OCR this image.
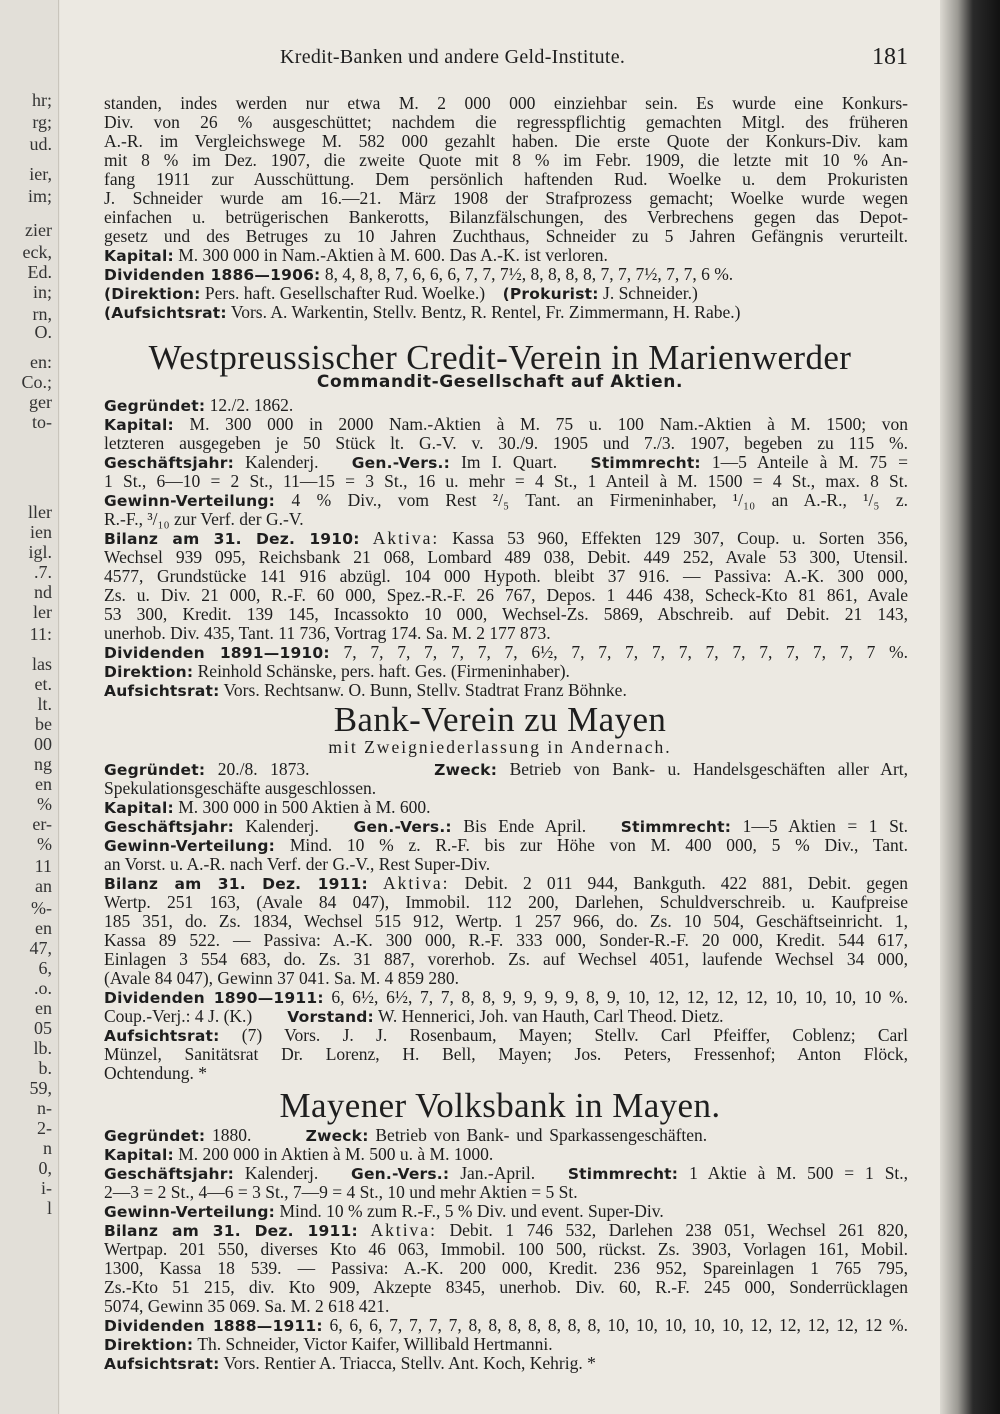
hr;
rg;
ud.
ier,
im;
zier
eck,
Ed.
in;
rn,
O.
en:
Co.;
ger
to-
ller
ien
igl.
.7.
nd
ler
11:
las
et.
lt.
be
00
ng
en
%
er-
%
11
an
%-
en
47,
6,
.o.
en
05
lb.
b.
59,
n-
2-
n
0,
i-
l
Kredit-Banken und andere Geld-Institute.	181
standen, indes werden nur etwa M. 2 000 000 einziehbar sein. Es wurde eine Konkurs-
Div. von 26 % ausgeschüttet; nachdem die regresspflichtig gemachten Mitgl. des früheren
A.-R. im Vergleichswege M. 582 000 gezahlt haben. Die erste Quote der Konkurs-Div. kam
mit 8 % im Dez. 1907, die zweite Quote mit 8 % im Febr. 1909, die letzte mit 10 % An-
fang 1911 zur Ausschüttung. Dem persönlich haftenden Rud. Woelke u. dem Prokuristen
J. Schneider wurde am 16.—21. März 1908 der Strafprozess gemacht; Woelke wurde wegen
einfachen u. betrügerischen Bankerotts, Bilanzfälschungen, des Verbrechens gegen das Depot-
gesetz und des Betruges zu 10 Jahren Zuchthaus, Schneider zu 5 Jahren Gefängnis verurteilt.
Kapital: M. 300 000 in Nam.-Aktien à M. 600. Das A.-K. ist verloren.
Dividenden 1886—1906: 8, 4, 8, 8, 7, 6, 6, 6, 7, 7, 7½, 8, 8, 8, 8, 7, 7, 7½, 7, 7, 6 %.
(Direktion: Pers. haft. Gesellschafter Rud. Woelke.) (Prokurist: J. Schneider.)
(Aufsichtsrat: Vors. A. Warkentin, Stellv. Bentz, R. Rentel, Fr. Zimmermann, H. Rabe.)
Westpreussischer Credit-Verein in Marienwerder
Commandit-Gesellschaft auf Aktien.
Gegründet: 12./2. 1862.
Kapital: M. 300 000 in 2000 Nam.-Aktien à M. 75 u. 100 Nam.-Aktien à M. 1500; von
letzteren ausgegeben je 50 Stück lt. G.-V. v. 30./9. 1905 und 7./3. 1907, begeben zu 115 %.
Geschäftsjahr: Kalenderj. Gen.-Vers.: Im I. Quart. Stimmrecht: 1—5 Anteile à M. 75 =
1 St., 6—10 = 2 St., 11—15 = 3 St., 16 u. mehr = 4 St., 1 Anteil à M. 1500 = 4 St., max. 8 St.
Gewinn-Verteilung: 4 % Div., vom Rest ²/₅ Tant. an Firmeninhaber, ¹/₁₀ an A.-R., ¹/₅ z.
R.-F., ³/₁₀ zur Verf. der G.-V.
Bilanz am 31. Dez. 1910: Aktiva: Kassa 53 960, Effekten 129 307, Coup. u. Sorten 356,
Wechsel 939 095, Reichsbank 21 068, Lombard 489 038, Debit. 449 252, Avale 53 300, Utensil.
4577, Grundstücke 141 916 abzügl. 104 000 Hypoth. bleibt 37 916. — Passiva: A.-K. 300 000,
Zs. u. Div. 21 000, R.-F. 60 000, Spez.-R.-F. 26 767, Depos. 1 446 438, Scheck-Kto 81 861, Avale
53 300, Kredit. 139 145, Incassokto 10 000, Wechsel-Zs. 5869, Abschreib. auf Debit. 21 143,
unerhob. Div. 435, Tant. 11 736, Vortrag 174. Sa. M. 2 177 873.
Dividenden 1891—1910: 7, 7, 7, 7, 7, 7, 7, 6½, 7, 7, 7, 7, 7, 7, 7, 7, 7, 7, 7, 7 %.
Direktion: Reinhold Schänske, pers. haft. Ges. (Firmeninhaber).
Aufsichtsrat: Vors. Rechtsanw. O. Bunn, Stellv. Stadtrat Franz Böhnke.
Bank-Verein zu Mayen
mit Zweigniederlassung in Andernach.
Gegründet: 20./8. 1873.	Zweck: Betrieb von Bank- u. Handelsgeschäften aller Art,
Spekulationsgeschäfte ausgeschlossen.
Kapital: M. 300 000 in 500 Aktien à M. 600.
Geschäftsjahr: Kalenderj. Gen.-Vers.: Bis Ende April. Stimmrecht: 1—5 Aktien = 1 St.
Gewinn-Verteilung: Mind. 10 % z. R.-F. bis zur Höhe von M. 400 000, 5 % Div., Tant.
an Vorst. u. A.-R. nach Verf. der G.-V., Rest Super-Div.
Bilanz am 31. Dez. 1911: Aktiva: Debit. 2 011 944, Bankguth. 422 881, Debit. gegen
Wertp. 251 163, (Avale 84 047), Immobil. 112 200, Darlehen, Schuldverschreib. u. Kaufpreise
185 351, do. Zs. 1834, Wechsel 515 912, Wertp. 1 257 966, do. Zs. 10 504, Geschäftseinricht. 1,
Kassa 89 522. — Passiva: A.-K. 300 000, R.-F. 333 000, Sonder-R.-F. 20 000, Kredit. 544 617,
Einlagen 3 554 683, do. Zs. 31 887, vorerhob. Zs. auf Wechsel 4051, laufende Wechsel 34 000,
(Avale 84 047), Gewinn 37 041. Sa. M. 4 859 280.
Dividenden 1890—1911: 6, 6½, 6½, 7, 7, 8, 8, 9, 9, 9, 9, 8, 9, 10, 12, 12, 12, 12, 10, 10, 10, 10 %.
Coup.-Verj.: 4 J. (K.) Vorstand: W. Hennerici, Joh. van Hauth, Carl Theod. Dietz.
Aufsichtsrat: (7) Vors. J. J. Rosenbaum, Mayen; Stellv. Carl Pfeiffer, Coblenz; Carl
Münzel, Sanitätsrat Dr. Lorenz, H. Bell, Mayen; Jos. Peters, Fressenhof; Anton Flöck,
Ochtendung. *
Mayener Volksbank in Mayen.
Gegründet: 1880.	Zweck: Betrieb von Bank- und Sparkassengeschäften.
Kapital: M. 200 000 in Aktien à M. 500 u. à M. 1000.
Geschäftsjahr: Kalenderj. Gen.-Vers.: Jan.-April. Stimmrecht: 1 Aktie à M. 500 = 1 St.,
2—3 = 2 St., 4—6 = 3 St., 7—9 = 4 St., 10 und mehr Aktien = 5 St.
Gewinn-Verteilung: Mind. 10 % zum R.-F., 5 % Div. und event. Super-Div.
Bilanz am 31. Dez. 1911: Aktiva: Debit. 1 746 532, Darlehen 238 051, Wechsel 261 820,
Wertpap. 201 550, diverses Kto 46 063, Immobil. 100 500, rückst. Zs. 3903, Vorlagen 161, Mobil.
1300, Kassa 18 539. — Passiva: A.-K. 200 000, Kredit. 236 952, Spareinlagen 1 765 795,
Zs.-Kto 51 215, div. Kto 909, Akzepte 8345, unerhob. Div. 60, R.-F. 245 000, Sonderrücklagen
5074, Gewinn 35 069. Sa. M. 2 618 421.
Dividenden 1888—1911: 6, 6, 6, 7, 7, 7, 7, 8, 8, 8, 8, 8, 8, 8, 10, 10, 10, 10, 10, 12, 12, 12, 12, 12 %.
Direktion: Th. Schneider, Victor Kaifer, Willibald Hertmanni.
Aufsichtsrat: Vors. Rentier A. Triacca, Stellv. Ant. Koch, Kehrig. *
